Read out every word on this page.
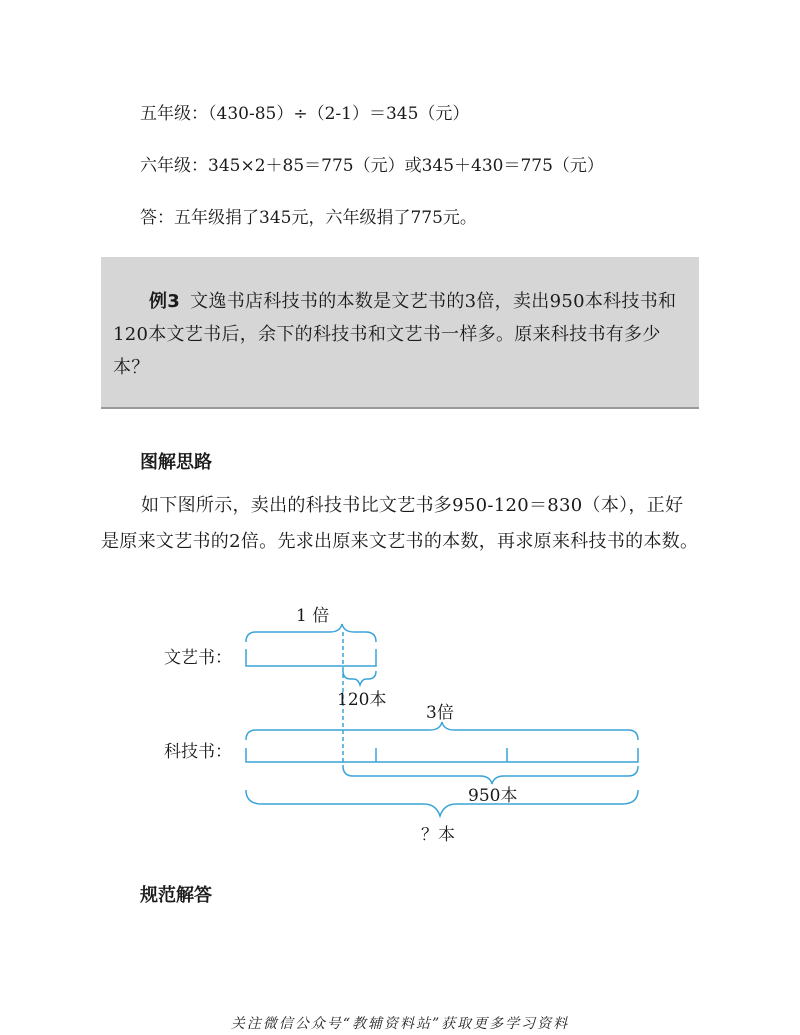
五年级：（430-85）÷（2-1）＝345（元）
六年级：345×2＋85＝775（元）或345＋430＝775（元）
答：五年级捐了345元，六年级捐了775元。
例3 文逸书店科技书的本数是文艺书的3倍，卖出950本科技书和120本文艺书后，余下的科技书和文艺书一样多。原来科技书有多少本？
图解思路
如下图所示，卖出的科技书比文艺书多950-120＝830（本），正好是原来文艺书的2倍。先求出原来文艺书的本数，再求原来科技书的本数。
文艺书：
1 倍
120本
3倍
科技书：
950本
？本
规范解答
关注微信公众号“教辅资料站”获取更多学习资料
